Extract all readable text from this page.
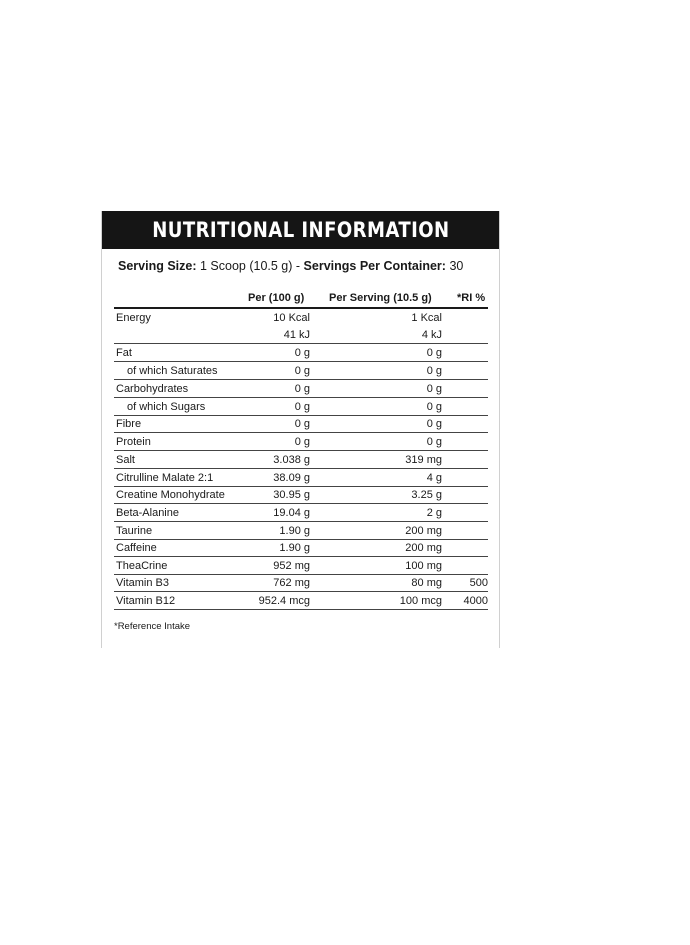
NUTRITIONAL INFORMATION
Serving Size: 1 Scoop (10.5 g) - Servings Per Container: 30
Per (100 g) Per Serving (10.5 g) *RI %
Energy	10 Kcal	1 Kcal
41 kJ	4 kJ
Fat	0 g	0 g
of which Saturates	0 g	0 g
Carbohydrates	0 g	0 g
of which Sugars	0 g	0 g
Fibre	0 g	0 g
Protein	0 g	0 g
Salt	3.038 g	319 mg
Citrulline Malate 2:1	38.09 g	4 g
Creatine Monohydrate	30.95 g	3.25 g
Beta-Alanine	19.04 g	2 g
Taurine	1.90 g	200 mg
Caffeine	1.90 g	200 mg
TheaCrine	952 mg	100 mg
Vitamin B3	762 mg	80 mg	500
Vitamin B12	952.4 mcg	100 mcg 4000
*Reference Intake
